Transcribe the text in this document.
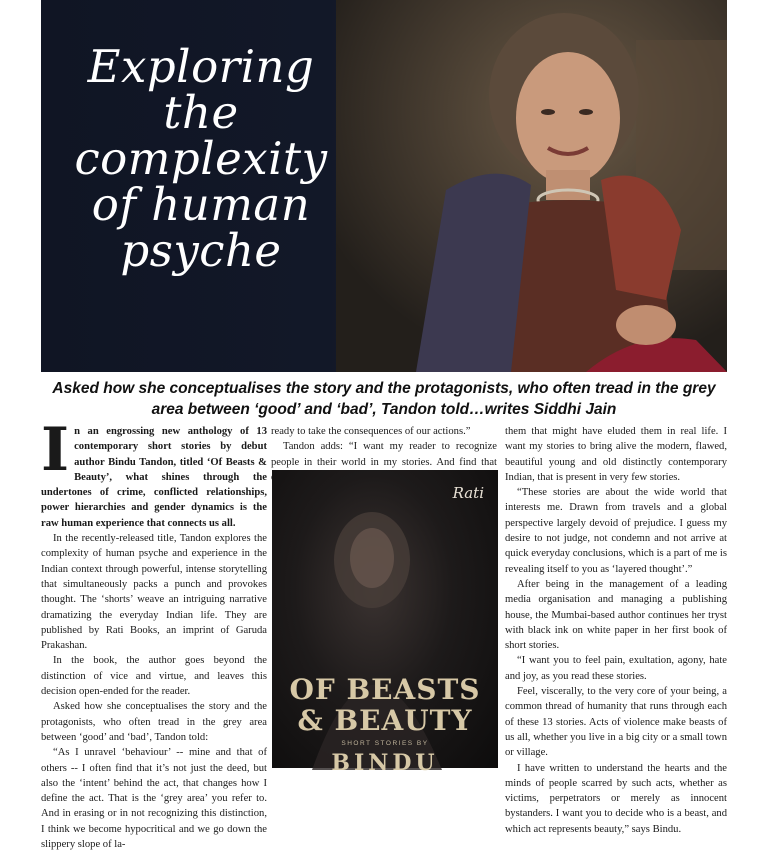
Exploring
the
complexity
of human
psyche
Asked how she conceptualises the story and the protagonists, who often tread in the grey area between ‘good’ and ‘bad’, Tandon told…writes Siddhi Jain

In an engrossing new anthology of 13 contemporary short stories by debut author Bindu Tandon, titled ‘Of Beasts & Beauty’, what shines through the undertones of crime, conflicted relationships, power hierarchies and gender dynamics is the raw human experience that connects us all.

In the recently-released title, Tandon explores the complexity of human psyche and experience in the Indian context through powerful, intense storytelling that simultaneously packs a punch and provokes thought. The ‘shorts’ weave an intriguing narrative dramatizing the everyday Indian life. They are published by Rati Books, an imprint of Garuda Prakashan.

In the book, the author goes beyond the distinction of vice and virtue, and leaves this decision open-ended for the reader.

Asked how she conceptualises the story and the protagonists, who often tread in the grey area between ‘good’ and ‘bad’, Tandon told:

“As I unravel ‘behaviour’ -- mine and that of others -- I often find that it’s not just the deed, but also the ‘intent’ behind the act, that changes how I define the act. That is the ‘grey area’ you refer to. And in erasing or in not recognizing this distinction, I think we become hypocritical and we go down the slippery slope of la-

ready to take the consequences of our actions.”

Tandon adds: “I want my reader to recognize people in their world in my stories. And find that

Rati
OF BEASTS
& BEAUTY
SHORT STORIES BY
BINDU

them that might have eluded them in real life. I want my stories to bring alive the modern, flawed, beautiful young and old distinctly contemporary Indian, that is present in very few stories.

“These stories are about the wide world that interests me. Drawn from travels and a global perspective largely devoid of prejudice. I guess my desire to not judge, not condemn and not arrive at quick everyday conclusions, which is a part of me is revealing itself to you as ‘layered thought’.”

After being in the management of a leading media organisation and managing a publishing house, the Mumbai-based author continues her tryst with black ink on white paper in her first book of short stories.

“I want you to feel pain, exultation, agony, hate and joy, as you read these stories.

Feel, viscerally, to the very core of your being, a common thread of humanity that runs through each of these 13 stories. Acts of violence make beasts of us all, whether you live in a big city or a small town or village.

I have written to understand the hearts and the minds of people scarred by such acts, whether as victims, perpetrators or merely as innocent bystanders. I want you to decide who is a beast, and which act represents beauty,” says Bindu.
